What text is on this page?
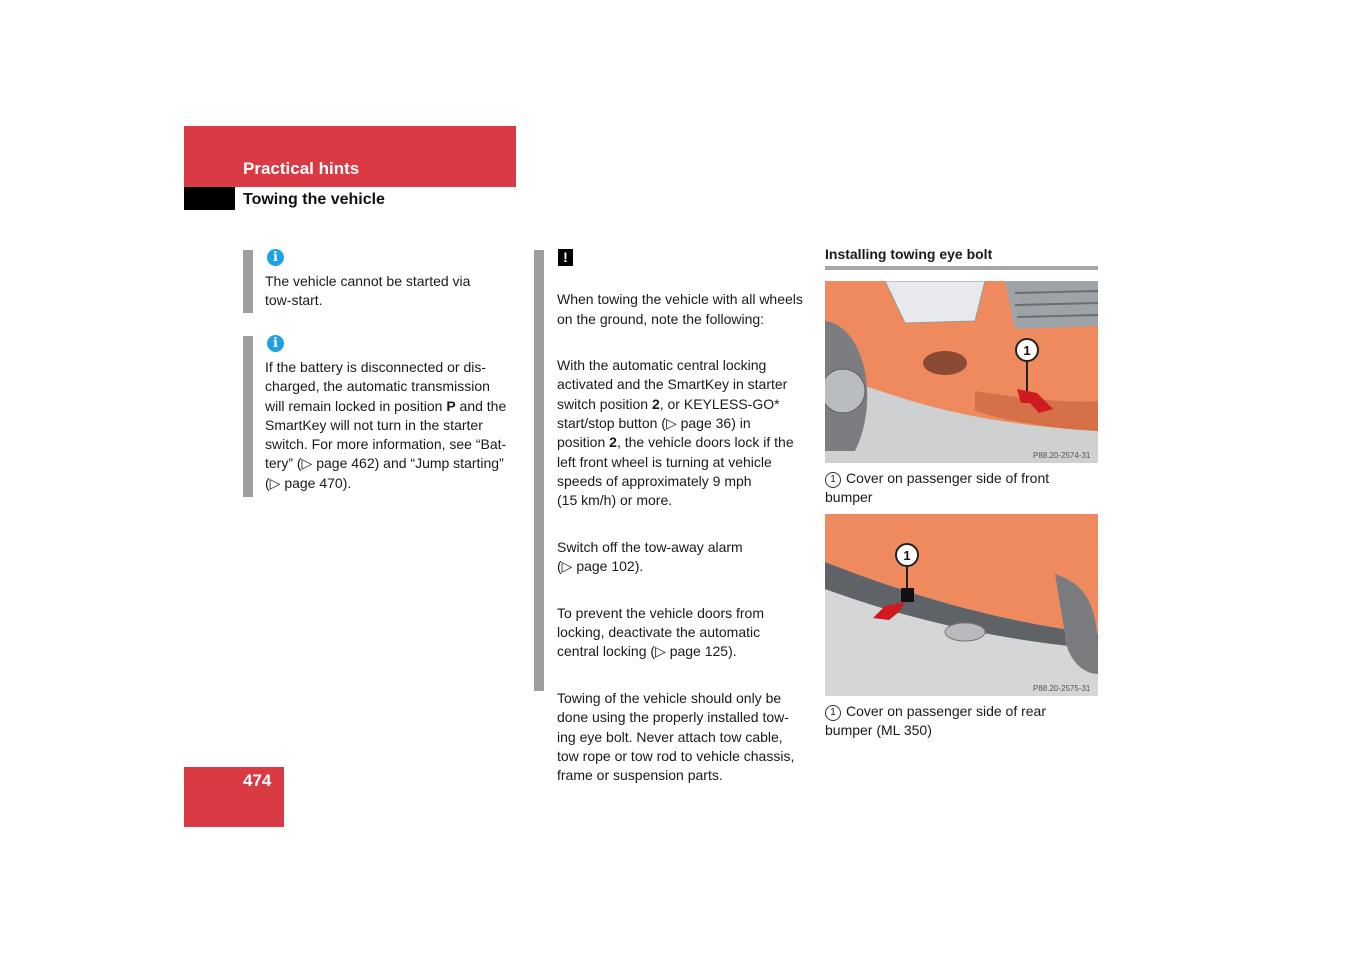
Practical hints
Towing the vehicle
i
The vehicle cannot be started via
tow-start.
i
If the battery is disconnected or dis-
charged, the automatic transmission
will remain locked in position P and the
SmartKey will not turn in the starter
switch. For more information, see “Bat-
tery” (▷ page 462) and “Jump starting”
(▷ page 470).
!

When towing the vehicle with all wheels
on the ground, note the following:

With the automatic central locking
activated and the SmartKey in starter
switch position 2, or KEYLESS-GO*
start/stop button (▷ page 36) in
position 2, the vehicle doors lock if the
left front wheel is turning at vehicle
speeds of approximately 9 mph
(15 km/h) or more.

Switch off the tow-away alarm
(▷ page 102).

To prevent the vehicle doors from
locking, deactivate the automatic
central locking (▷ page 125).

Towing of the vehicle should only be
done using the properly installed tow-
ing eye bolt. Never attach tow cable,
tow rope or tow rod to vehicle chassis,
frame or suspension parts.

Installing towing eye bolt
1
P88.20-2574-31
1 Cover on passenger side of front
bumper
1
P88.20-2575-31
1 Cover on passenger side of rear
bumper (ML 350)
474
